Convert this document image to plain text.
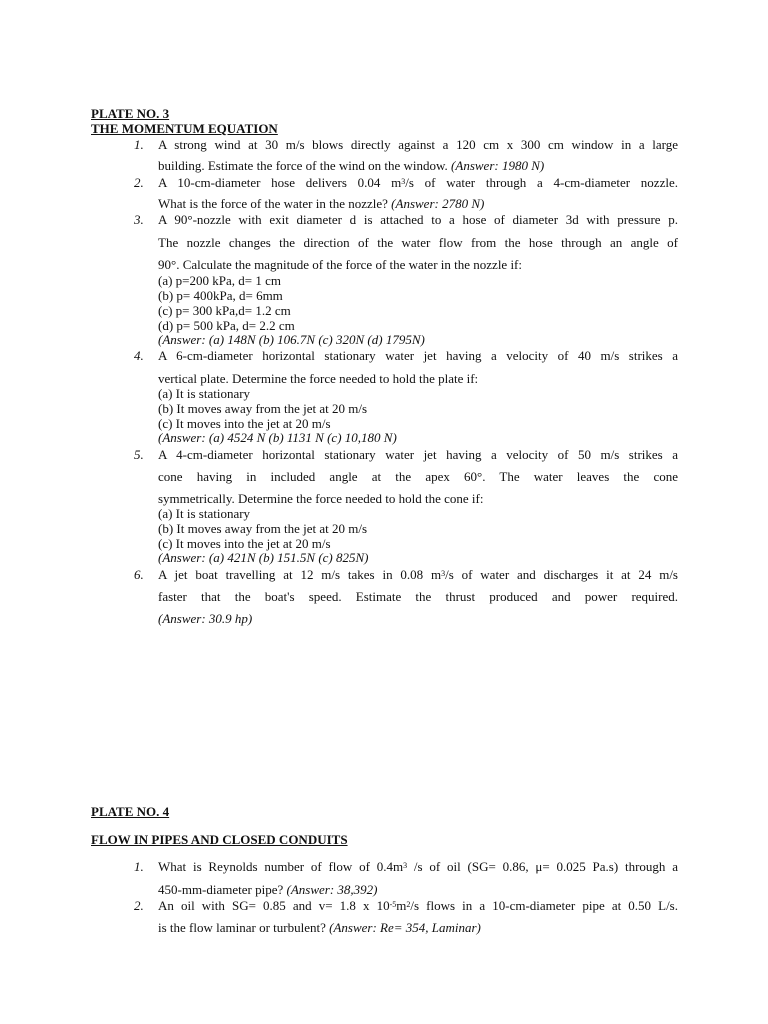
PLATE NO. 3
THE MOMENTUM EQUATION
1. A strong wind at 30 m/s blows directly against a 120 cm x 300 cm window in a large
building. Estimate the force of the wind on the window. (Answer: 1980 N)
2. A 10-cm-diameter hose delivers 0.04 $m^3/s$ of water through a 4-cm-diameter nozzle.
What is the force of the water in the nozzle? (Answer: 2780 N)
3. A 90°-nozzle with exit diameter d is attached to a hose of diameter 3d with pressure p.
The nozzle changes the direction of the water flow from the hose through an angle of
90°. Calculate the magnitude of the force of the water in the nozzle if:
(a) p=200 kPa, d= 1 cm
(b) p= 400kPa, d= 6mm
(c) p= 300 kPa,d= 1.2 cm
(d) p= 500 kPa, d= 2.2 cm
(Answer: (a) 148N (b) 106.7N (c) 320N (d) 1795N)
4. A 6-cm-diameter horizontal stationary water jet having a velocity of 40 m/s strikes a
vertical plate. Determine the force needed to hold the plate if:
(a) It is stationary
(b) It moves away from the jet at 20 m/s
(c) It moves into the jet at 20 m/s
(Answer: (a) 4524 N (b) 1131 N (c) 10,180 N)
5. A 4-cm-diameter horizontal stationary water jet having a velocity of 50 m/s strikes a
cone having in included angle at the apex 60°. The water leaves the cone
symmetrically. Determine the force needed to hold the cone if:
(a) It is stationary
(b) It moves away from the jet at 20 m/s
(c) It moves into the jet at 20 m/s
(Answer: (a) 421N (b) 151.5N (c) 825N)
6. A jet boat travelling at 12 m/s takes in 0.08 $m^3/s$ of water and discharges it at 24 m/s
faster that the boat's speed. Estimate the thrust produced and power required.
(Answer: 30.9 hp)
PLATE NO. 4
FLOW IN PIPES AND CLOSED CONDUITS
1. What is Reynolds number of flow of $0.4m^3$ /s of oil (SG= 0.86, μ= 0.025 Pa.s) through a
450-mm-diameter pipe? (Answer: 38,392)
2. An oil with SG= 0.85 and v= 1.8 x $10^{-5}m^2/s$ flows in a 10-cm-diameter pipe at 0.50 L/s.
is the flow laminar or turbulent? (Answer: Re= 354, Laminar)
